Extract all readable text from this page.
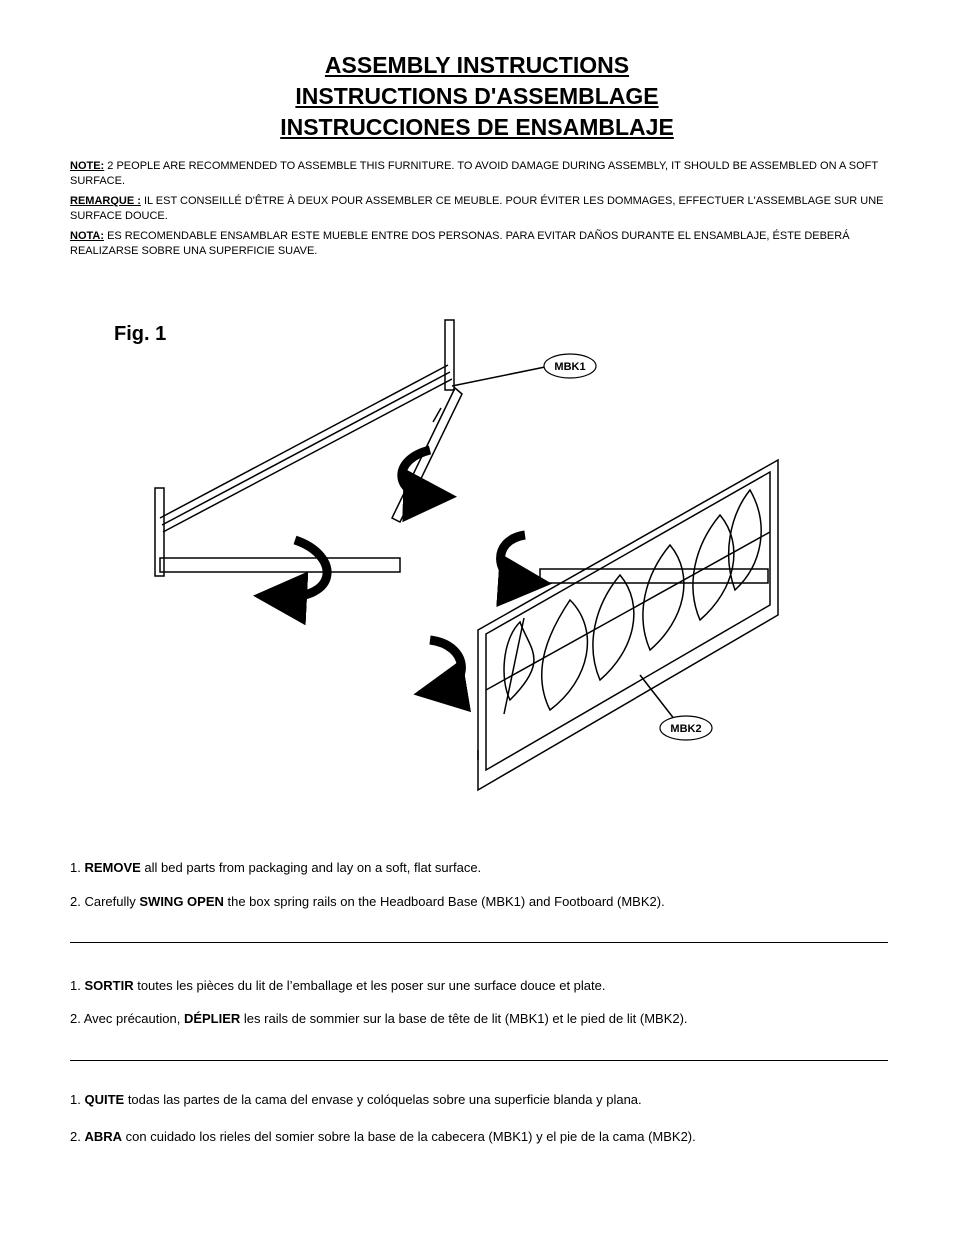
ASSEMBLY INSTRUCTIONS
INSTRUCTIONS D'ASSEMBLAGE
INSTRUCCIONES DE ENSAMBLAJE

NOTE: 2 PEOPLE ARE RECOMMENDED TO ASSEMBLE THIS FURNITURE. TO AVOID DAMAGE DURING ASSEMBLY, IT SHOULD BE ASSEMBLED ON A SOFT SURFACE.

REMARQUE : IL EST CONSEILLÉ D'ÊTRE À DEUX POUR ASSEMBLER CE MEUBLE. POUR ÉVITER LES DOMMAGES, EFFECTUER L'ASSEMBLAGE SUR UNE SURFACE DOUCE.

NOTA: ES RECOMENDABLE ENSAMBLAR ESTE MUEBLE ENTRE DOS PERSONAS. PARA EVITAR DAÑOS DURANTE EL ENSAMBLAJE, ÉSTE DEBERÁ REALIZARSE SOBRE UNA SUPERFICIE SUAVE.

Fig. 1
MBK1
MBK2

1. REMOVE all bed parts from packaging and lay on a soft, flat surface.

2. Carefully SWING OPEN the box spring rails on the Headboard Base (MBK1) and Footboard (MBK2).

1. SORTIR toutes les pièces du lit de l’emballage et les poser sur une surface douce et plate.

2. Avec précaution, DÉPLIER les rails de sommier sur la base de tête de lit (MBK1) et le pied de lit (MBK2).

1. QUITE todas las partes de la cama del envase y colóquelas sobre una superficie blanda y plana.

2. ABRA con cuidado los rieles del somier sobre la base de la cabecera (MBK1) y el pie de la cama (MBK2).
